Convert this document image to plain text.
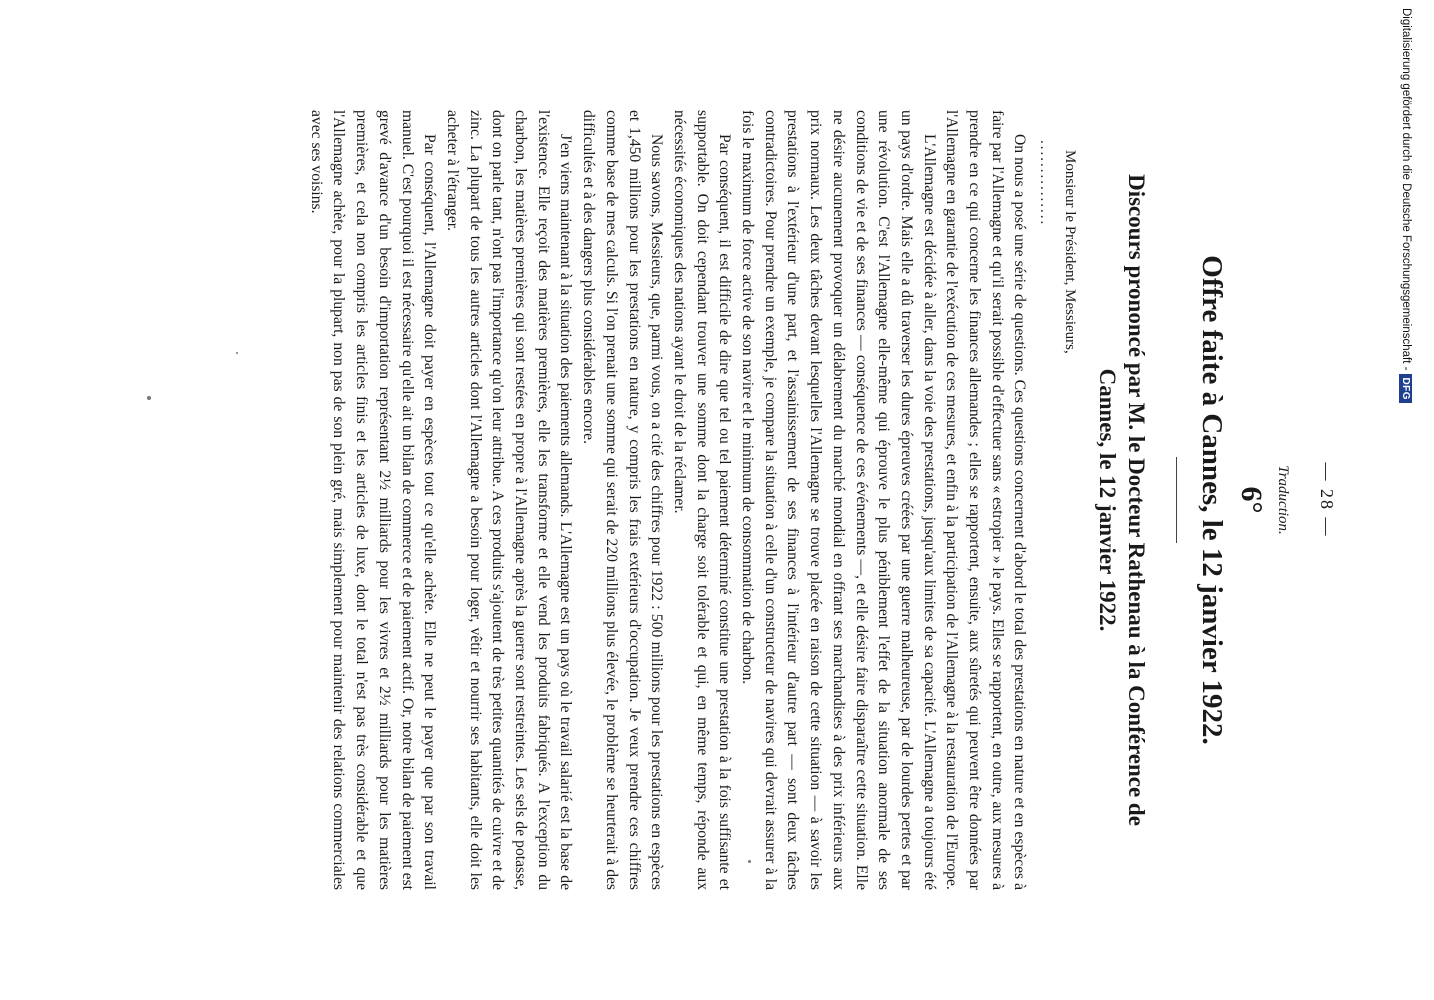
— 28 —
Traduction.
6°
Offre faite à Cannes, le 12 janvier 1922.
Discours prononcé par M. le Docteur Rathenau à la Conférence de Cannes, le 12 janvier 1922.
Monsieur le Président, Messieurs,
...............

On nous a posé une série de questions. Ces questions concernent d'abord le total des prestations en nature et en espèces à faire par l'Allemagne et qu'il serait possible d'effectuer sans « estropier » le pays. Elles se rapportent, en outre, aux mesures à prendre en ce qui concerne les finances allemandes ; elles se rapportent, ensuite, aux sûretés qui peuvent être données par l'Allemagne en garantie de l'exécution de ces mesures, et enfin à la participation de l'Allemagne à la restauration de l'Europe.

L'Allemagne est décidée à aller, dans la voie des prestations, jusqu'aux limites de sa capacité. L'Allemagne a toujours été un pays d'ordre. Mais elle a dû traverser les dures épreuves créées par une guerre malheureuse, par de lourdes pertes et par une révolution. C'est l'Allemagne elle-même qui éprouve le plus péniblement l'effet de la situation anormale de ses conditions de vie et de ses finances — conséquence de ces événements —, et elle désire faire disparaître cette situation. Elle ne désire aucunement provoquer un délabrement du marché mondial en offrant ses marchandises à des prix inférieurs aux prix normaux. Les deux tâches devant lesquelles l'Allemagne se trouve placée en raison de cette situation — à savoir les prestations à l'extérieur d'une part, et l'assainissement de ses finances à l'intérieur d'autre part — sont deux tâches contradictoires. Pour prendre un exemple, je compare la situation à celle d'un constructeur de navires qui devrait assurer à la fois le maximum de force active de son navire et le minimum de consommation de charbon.

Par conséquent, il est difficile de dire que tel ou tel paiement déterminé constitue une prestation à la fois suffisante et supportable. On doit cependant trouver une somme dont la charge soit tolérable et qui, en même temps, réponde aux nécessités économiques des nations ayant le droit de la réclamer.

Nous savons, Messieurs, que, parmi vous, on a cité des chiffres pour 1922 : 500 millions pour les prestations en espèces et 1,450 millions pour les prestations en nature, y compris les frais extérieurs d'occupation. Je veux prendre ces chiffres comme base de mes calculs. Si l'on prenait une somme qui serait de 220 millions plus élevée, le problème se heurterait à des difficultés et à des dangers plus considérables encore.

J'en viens maintenant à la situation des paiements allemands. L'Allemagne est un pays où le travail salarié est la base de l'existence. Elle reçoit des matières premières, elle les transforme et elle vend les produits fabriqués. A l'exception du charbon, les matières premières qui sont restées en propre à l'Allemagne après la guerre sont restreintes. Les sels de potasse, dont on parle tant, n'ont pas l'importance qu'on leur attribue. A ces produits s'ajoutent de très petites quantités de cuivre et de zinc. La plupart de tous les autres articles dont l'Allemagne a besoin pour loger, vêtir et nourrir ses habitants, elle doit les acheter à l'étranger.

Par conséquent, l'Allemagne doit payer en espèces tout ce qu'elle achète. Elle ne peut le payer que par son travail manuel. C'est pourquoi il est nécessaire qu'elle ait un bilan de commerce et de paiement actif. Or, notre bilan de paiement est grevé d'avance d'un besoin d'importation représentant 2½ milliards pour les vivres et 2½ milliards pour les matières premières, et cela non compris les articles finis et les articles de luxe, dont le total n'est pas très considérable et que l'Allemagne achète, pour la plupart, non pas de son plein gré, mais simplement pour maintenir des relations commerciales avec ses voisins.	Digitalisierung gefördert durch die Deutsche Forschungsgemeinschaft -
DFG
